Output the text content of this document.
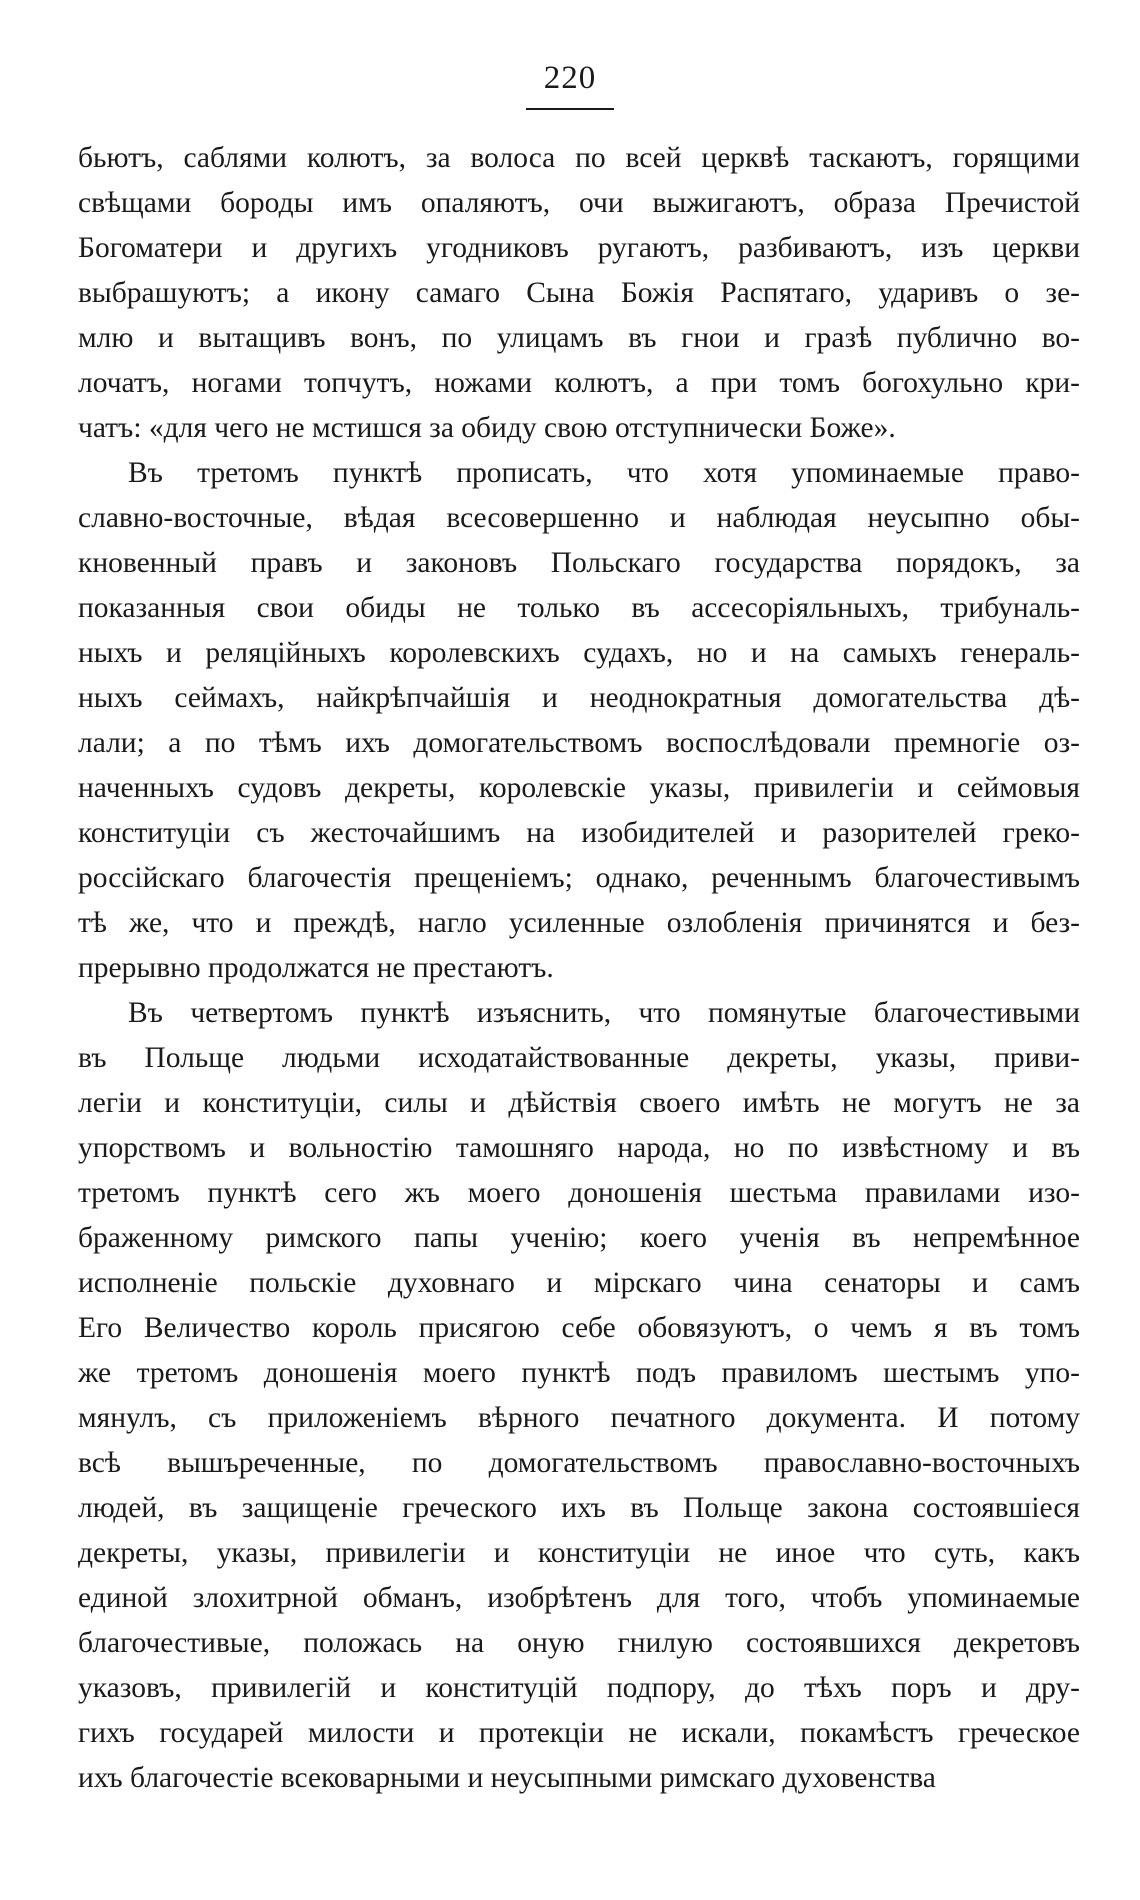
220
бьютъ, саблями колютъ, за волоса по всей церквѣ таскаютъ, горящими
свѣщами бороды имъ опаляютъ, очи выжигаютъ, образа Пречистой
Богоматери и другихъ угодниковъ ругаютъ, разбиваютъ, изъ церкви
выбрашуютъ; а икону самаго Сына Божія Распятаго, ударивъ о зе-
млю и вытащивъ вонъ, по улицамъ въ гнои и гразѣ публично во-
лочатъ, ногами топчутъ, ножами колютъ, а при томъ богохульно кри-
чатъ: «для чего не мстишся за обиду свою отступнически Боже».
Въ третомъ пунктѣ прописать, что хотя упоминаемые право-
славно-восточные, вѣдая всесовершенно и наблюдая неусыпно обы-
кновенный правъ и законовъ Польскаго государства порядокъ, за
показанныя свои обиды не только въ ассесоріяльныхъ, трибуналь-
ныхъ и реляційныхъ королевскихъ судахъ, но и на самыхъ генераль-
ныхъ сеймахъ, найкрѣпчайшія и неоднократныя домогательства дѣ-
лали; а по тѣмъ ихъ домогательствомъ воспослѣдовали премногіе оз-
наченныхъ судовъ декреты, королевскіе указы, привилегіи и сеймовыя
конституціи съ жесточайшимъ на изобидителей и разорителей греко-
россійскаго благочестія прещеніемъ; однако, реченнымъ благочестивымъ
тѣ же, что и преждѣ, нагло усиленные озлобленія причинятся и без-
прерывно продолжатся не престаютъ.
Въ четвертомъ пунктѣ изъяснить, что помянутые благочестивыми
въ Польще людьми исходатайствованные декреты, указы, приви-
легіи и конституціи, силы и дѣйствія своего имѣть не могутъ не за
упорствомъ и вольностію тамошняго народа, но по извѣстному и въ
третомъ пунктѣ сего жъ моего доношенія шестьма правилами изо-
браженному римского папы ученію; коего ученія въ непремѣнное
исполненіе польскіе духовнаго и мірскаго чина сенаторы и самъ
Его Величество король присягою себе обовязуютъ, о чемъ я въ томъ
же третомъ доношенія моего пунктѣ подъ правиломъ шестымъ упо-
мянулъ, съ приложеніемъ вѣрного печатного документа. И потому
всѣ вышъреченные, по домогательствомъ православно-восточныхъ
людей, въ защищеніе греческого ихъ въ Польще закона состоявшіеся
декреты, указы, привилегіи и конституціи не иное что суть, какъ
единой злохитрной обманъ, изобрѣтенъ для того, чтобъ упоминаемые
благочестивые, положась на оную гнилую состоявшихся декретовъ
указовъ, привилегій и конституцій подпору, до тѣхъ поръ и дру-
гихъ государей милости и протекціи не искали, покамѣстъ греческое
ихъ благочестіе всековарными и неусыпными римскаго духовенства
